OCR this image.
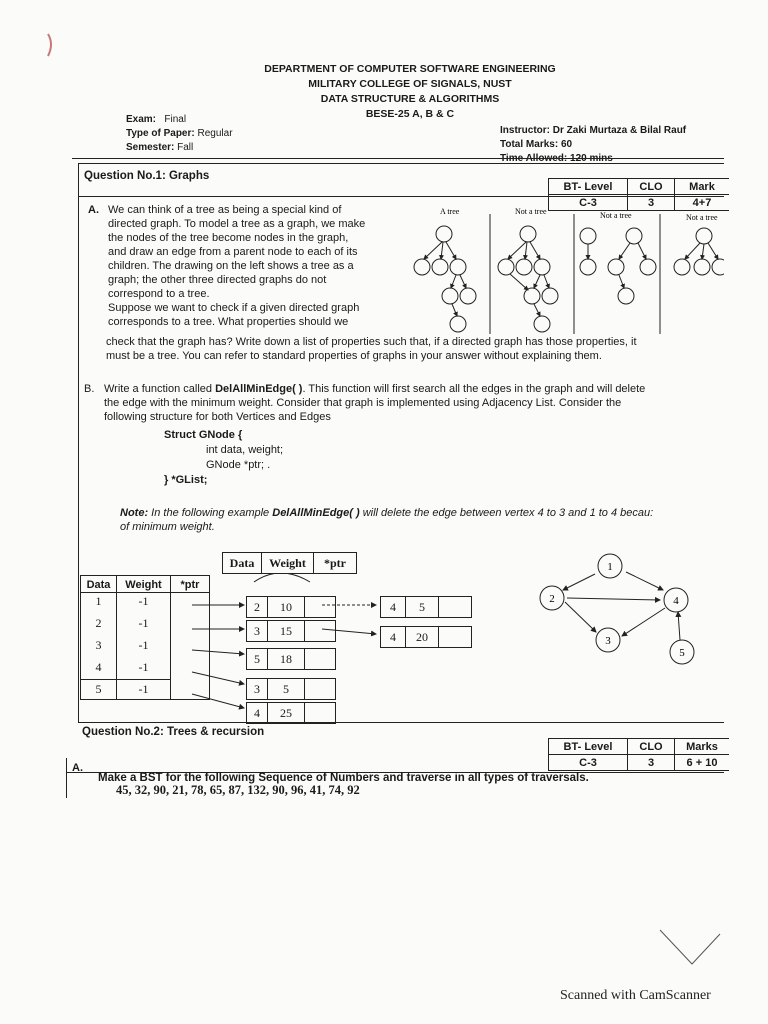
DEPARTMENT OF COMPUTER SOFTWARE ENGINEERING
MILITARY COLLEGE OF SIGNALS, NUST
DATA STRUCTURE & ALGORITHMS
BESE-25 A, B & C
Exam: Final
Type of Paper: Regular
Semester: Fall
Instructor: Dr Zaki Murtaza & Bilal Rauf
Total Marks: 60
Question No.1: Graphs
BT- Level	CLO	Mark
C-3	3	4+7
A. We can think of a tree as being a special kind of
directed graph. To model a tree as a graph, we make
the nodes of the tree become nodes in the graph,
and draw an edge from a parent node to each of its
children. The drawing on the left shows a tree as a
graph; the other three directed graphs do not
correspond to a tree.
Suppose we want to check if a given directed graph
corresponds to a tree. What properties should we
check that the graph has? Write down a list of properties such that, if a directed graph has those properties, it
must be a tree. You can refer to standard properties of graphs in your answer without explaining them.
A tree	Not a tree	Not a tree	Not a tree
B. Write a function called DelAllMinEdge( ). This function will first search all the edges in the graph and will delete
the edge with the minimum weight. Consider that graph is implemented using Adjacency List. Consider the
following structure for both Vertices and Edges
Struct GNode {
int data, weight;
GNode *ptr; .
} *GList;
Note: In the following example DelAllMinEdge( ) will delete the edge between vertex 4 to 3 and 1 to 4 becau:
of minimum weight.
Data	Weight	*ptr
Data	Weight	*ptr
1	-1
2	-1
3	-1
4	-1
5	-1
2	10
3	15
5	18
3	5
4	25
4	5
4	20
1
2
3
4
5
Question No.2: Trees & recursion
BT- Level	CLO	Marks
C-3	3	6 + 10
A.
Make a BST for the following Sequence of Numbers and traverse in all types of traversals.
45, 32, 90, 21, 78, 65, 87, 132, 90, 96, 41, 74, 92
Scanned with CamScanner
